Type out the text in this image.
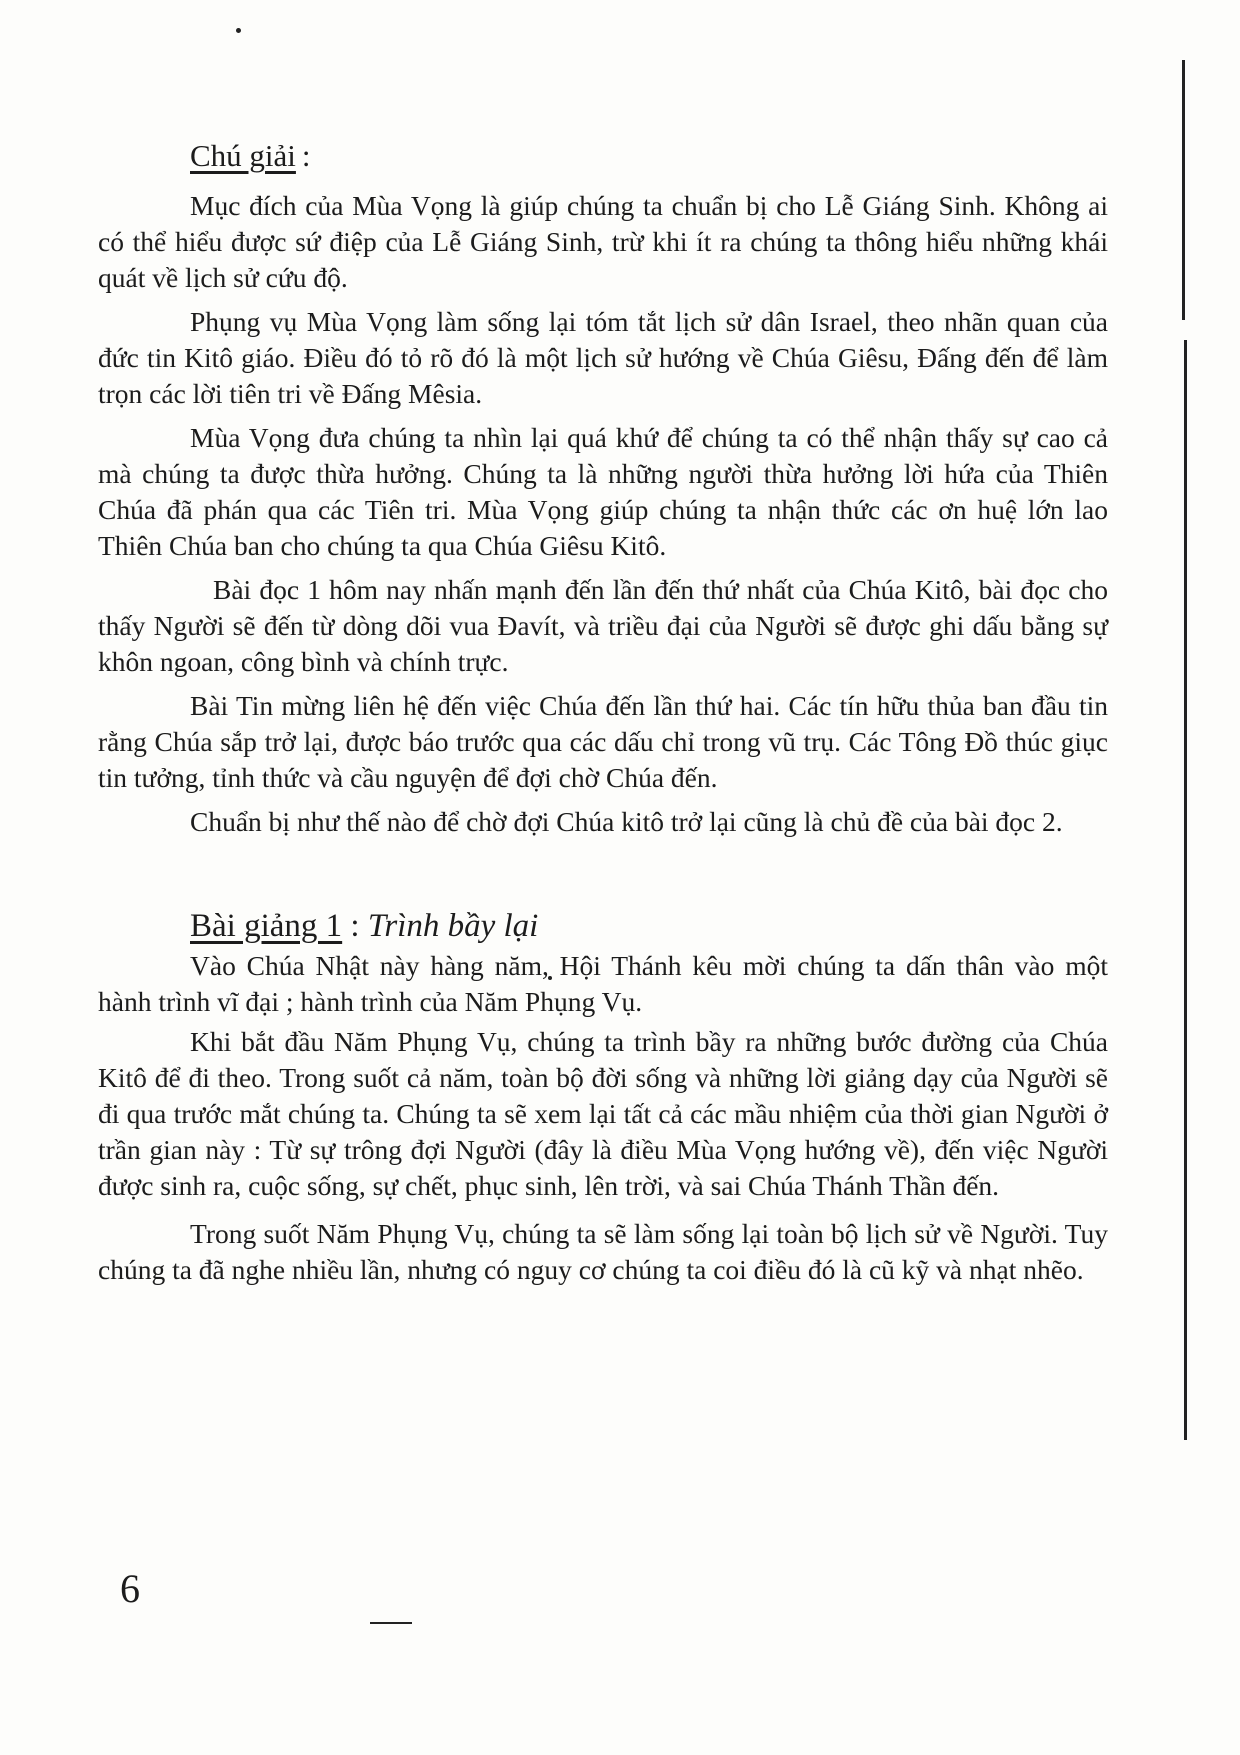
Chú giải :

Mục đích của Mùa Vọng là giúp chúng ta chuẩn bị cho Lễ Giáng Sinh. Không ai có thể hiểu được sứ điệp của Lễ Giáng Sinh, trừ khi ít ra chúng ta thông hiểu những khái quát về lịch sử cứu độ.

Phụng vụ Mùa Vọng làm sống lại tóm tắt lịch sử dân Israel, theo nhãn quan của đức tin Kitô giáo. Điều đó tỏ rõ đó là một lịch sử hướng về Chúa Giêsu, Đấng đến để làm trọn các lời tiên tri về Đấng Mêsia.

Mùa Vọng đưa chúng ta nhìn lại quá khứ để chúng ta có thể nhận thấy sự cao cả mà chúng ta được thừa hưởng. Chúng ta là những người thừa hưởng lời hứa của Thiên Chúa đã phán qua các Tiên tri. Mùa Vọng giúp chúng ta nhận thức các ơn huệ lớn lao Thiên Chúa ban cho chúng ta qua Chúa Giêsu Kitô.

Bài đọc 1 hôm nay nhấn mạnh đến lần đến thứ nhất của Chúa Kitô, bài đọc cho thấy Người sẽ đến từ dòng dõi vua Đavít, và triều đại của Người sẽ được ghi dấu bằng sự khôn ngoan, công bình và chính trực.

Bài Tin mừng liên hệ đến việc Chúa đến lần thứ hai. Các tín hữu thủa ban đầu tin rằng Chúa sắp trở lại, được báo trước qua các dấu chỉ trong vũ trụ. Các Tông Đồ thúc giục tin tưởng, tỉnh thức và cầu nguyện để đợi chờ Chúa đến.

Chuẩn bị như thế nào để chờ đợi Chúa kitô trở lại cũng là chủ đề của bài đọc 2.

Bài giảng 1 : Trình bầy lại

Vào Chúa Nhật này hàng năm, Hội Thánh kêu mời chúng ta dấn thân vào một hành trình vĩ đại ; hành trình của Năm Phụng Vụ.

Khi bắt đầu Năm Phụng Vụ, chúng ta trình bầy ra những bước đường của Chúa Kitô để đi theo. Trong suốt cả năm, toàn bộ đời sống và những lời giảng dạy của Người sẽ đi qua trước mắt chúng ta. Chúng ta sẽ xem lại tất cả các mầu nhiệm của thời gian Người ở trần gian này : Từ sự trông đợi Người (đây là điều Mùa Vọng hướng về), đến việc Người được sinh ra, cuộc sống, sự chết, phục sinh, lên trời, và sai Chúa Thánh Thần đến.

Trong suốt Năm Phụng Vụ, chúng ta sẽ làm sống lại toàn bộ lịch sử về Người. Tuy chúng ta đã nghe nhiều lần, nhưng có nguy cơ chúng ta coi điều đó là cũ kỹ và nhạt nhẽo.

6
